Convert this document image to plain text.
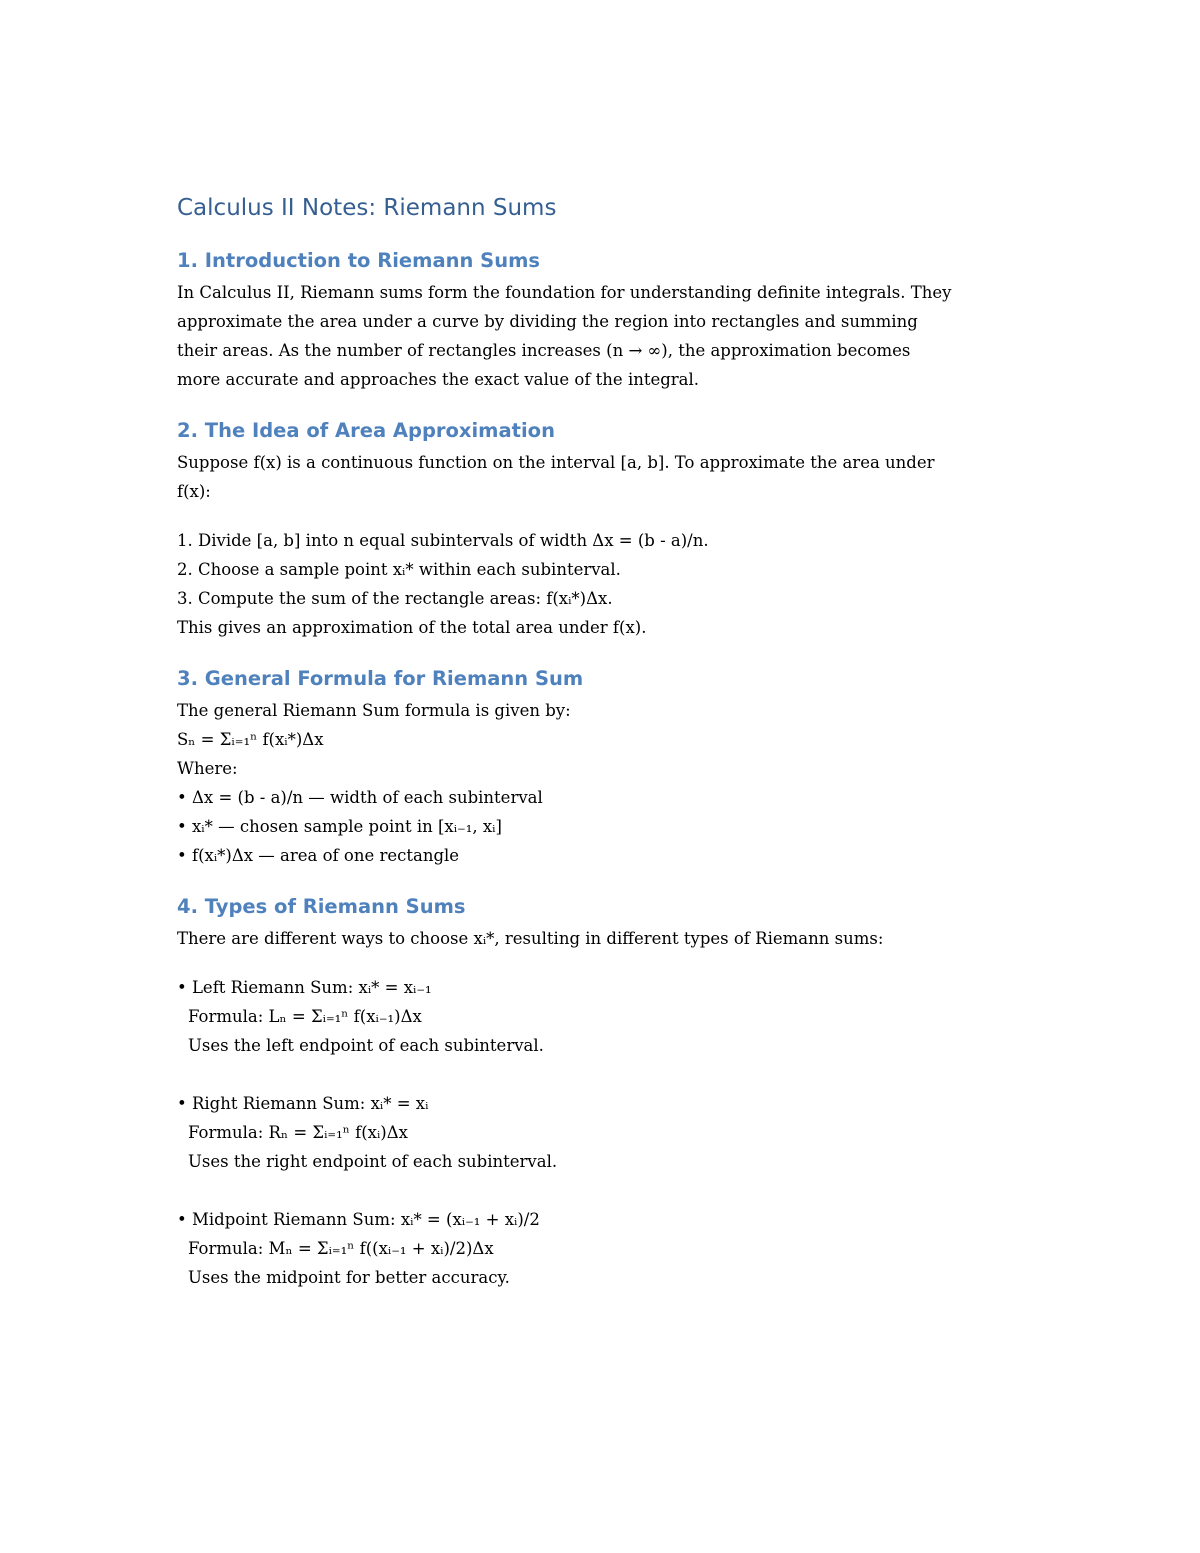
Calculus II Notes: Riemann Sums
1. Introduction to Riemann Sums

In Calculus II, Riemann sums form the foundation for understanding definite integrals. They
approximate the area under a curve by dividing the region into rectangles and summing
their areas. As the number of rectangles increases (n → ∞), the approximation becomes
more accurate and approaches the exact value of the integral.

2. The Idea of Area Approximation

Suppose f(x) is a continuous function on the interval [a, b]. To approximate the area under
f(x):

1. Divide [a, b] into n equal subintervals of width Δx = (b - a)/n.
2. Choose a sample point xᵢ* within each subinterval.
3. Compute the sum of the rectangle areas: f(xᵢ*)Δx.
This gives an approximation of the total area under f(x).

3. General Formula for Riemann Sum

The general Riemann Sum formula is given by:
Sₙ = Σᵢ₌₁ⁿ f(xᵢ*)Δx
Where:
• Δx = (b - a)/n — width of each subinterval
• xᵢ* — chosen sample point in [xᵢ₋₁, xᵢ]
• f(xᵢ*)Δx — area of one rectangle

4. Types of Riemann Sums

There are different ways to choose xᵢ*, resulting in different types of Riemann sums:

• Left Riemann Sum: xᵢ* = xᵢ₋₁
Formula: Lₙ = Σᵢ₌₁ⁿ f(xᵢ₋₁)Δx
Uses the left endpoint of each subinterval.

• Right Riemann Sum: xᵢ* = xᵢ
Formula: Rₙ = Σᵢ₌₁ⁿ f(xᵢ)Δx
Uses the right endpoint of each subinterval.

• Midpoint Riemann Sum: xᵢ* = (xᵢ₋₁ + xᵢ)/2
Formula: Mₙ = Σᵢ₌₁ⁿ f((xᵢ₋₁ + xᵢ)/2)Δx
Uses the midpoint for better accuracy.
